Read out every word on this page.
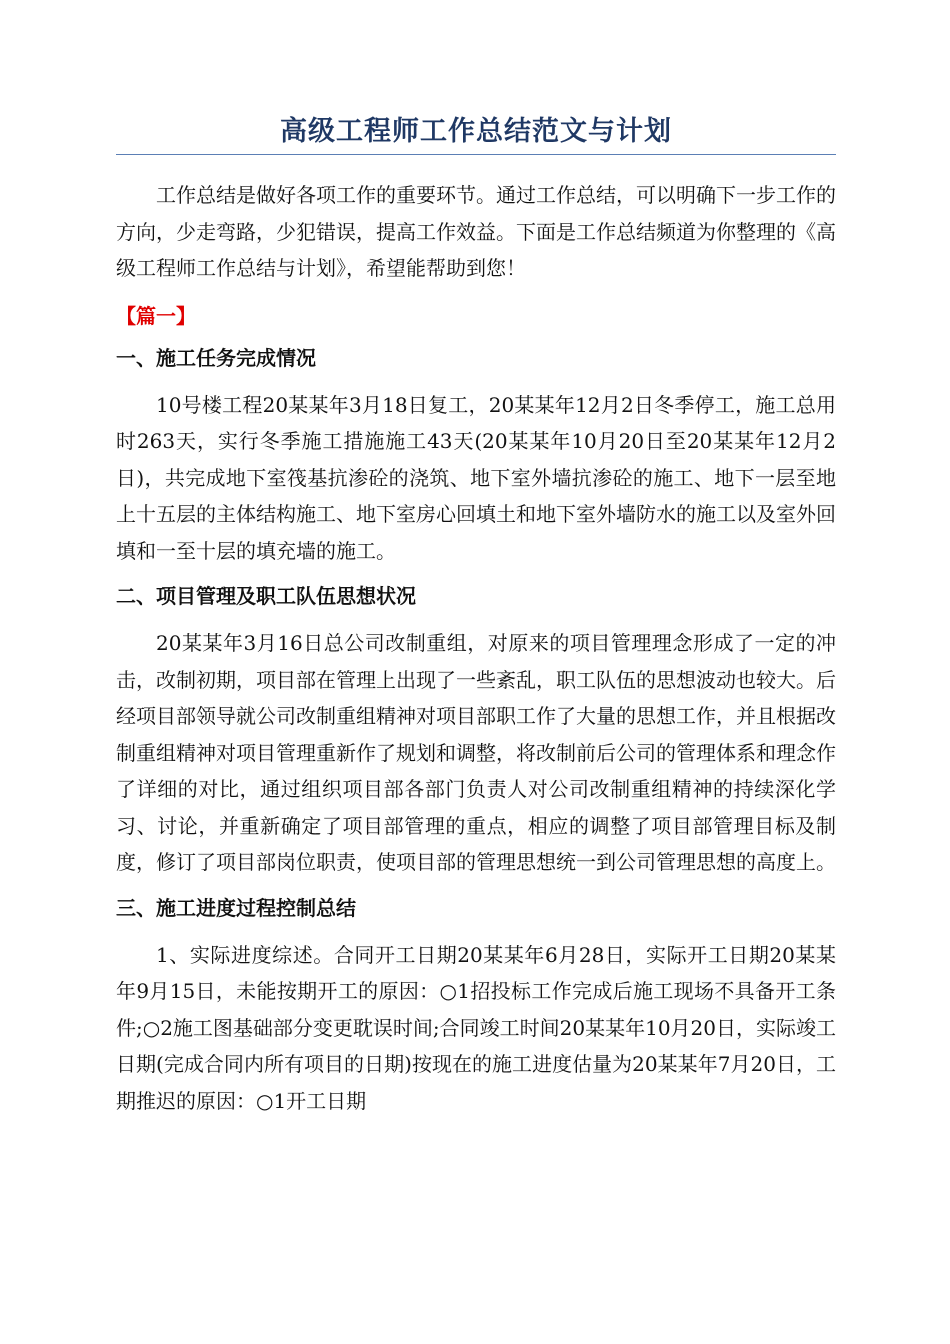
高级工程师工作总结范文与计划

工作总结是做好各项工作的重要环节。通过工作总结，可以明确下一步工作的方向，少走弯路，少犯错误，提高工作效益。下面是工作总结频道为你整理的《高级工程师工作总结与计划》，希望能帮助到您！

【篇一】
一、施工任务完成情况

10号楼工程20某某年3月18日复工，20某某年12月2日冬季停工，施工总用时263天，实行冬季施工措施施工43天(20某某年10月20日至20某某年12月2日)，共完成地下室筏基抗渗砼的浇筑、地下室外墙抗渗砼的施工、地下一层至地上十五层的主体结构施工、地下室房心回填土和地下室外墙防水的施工以及室外回填和一至十层的填充墙的施工。

二、项目管理及职工队伍思想状况

20某某年3月16日总公司改制重组，对原来的项目管理理念形成了一定的冲击，改制初期，项目部在管理上出现了一些紊乱，职工队伍的思想波动也较大。后经项目部领导就公司改制重组精神对项目部职工作了大量的思想工作，并且根据改制重组精神对项目管理重新作了规划和调整，将改制前后公司的管理体系和理念作了详细的对比，通过组织项目部各部门负责人对公司改制重组精神的持续深化学习、讨论，并重新确定了项目部管理的重点，相应的调整了项目部管理目标及制度，修订了项目部岗位职责，使项目部的管理思想统一到公司管理思想的高度上。

三、施工进度过程控制总结

1、实际进度综述。合同开工日期20某某年6月28日，实际开工日期20某某年9月15日，未能按期开工的原因：○1招投标工作完成后施工现场不具备开工条件;○2施工图基础部分变更耽误时间;合同竣工时间20某某年10月20日，实际竣工日期(完成合同内所有项目的日期)按现在的施工进度估量为20某某年7月20日，工期推迟的原因：○1开工日期
